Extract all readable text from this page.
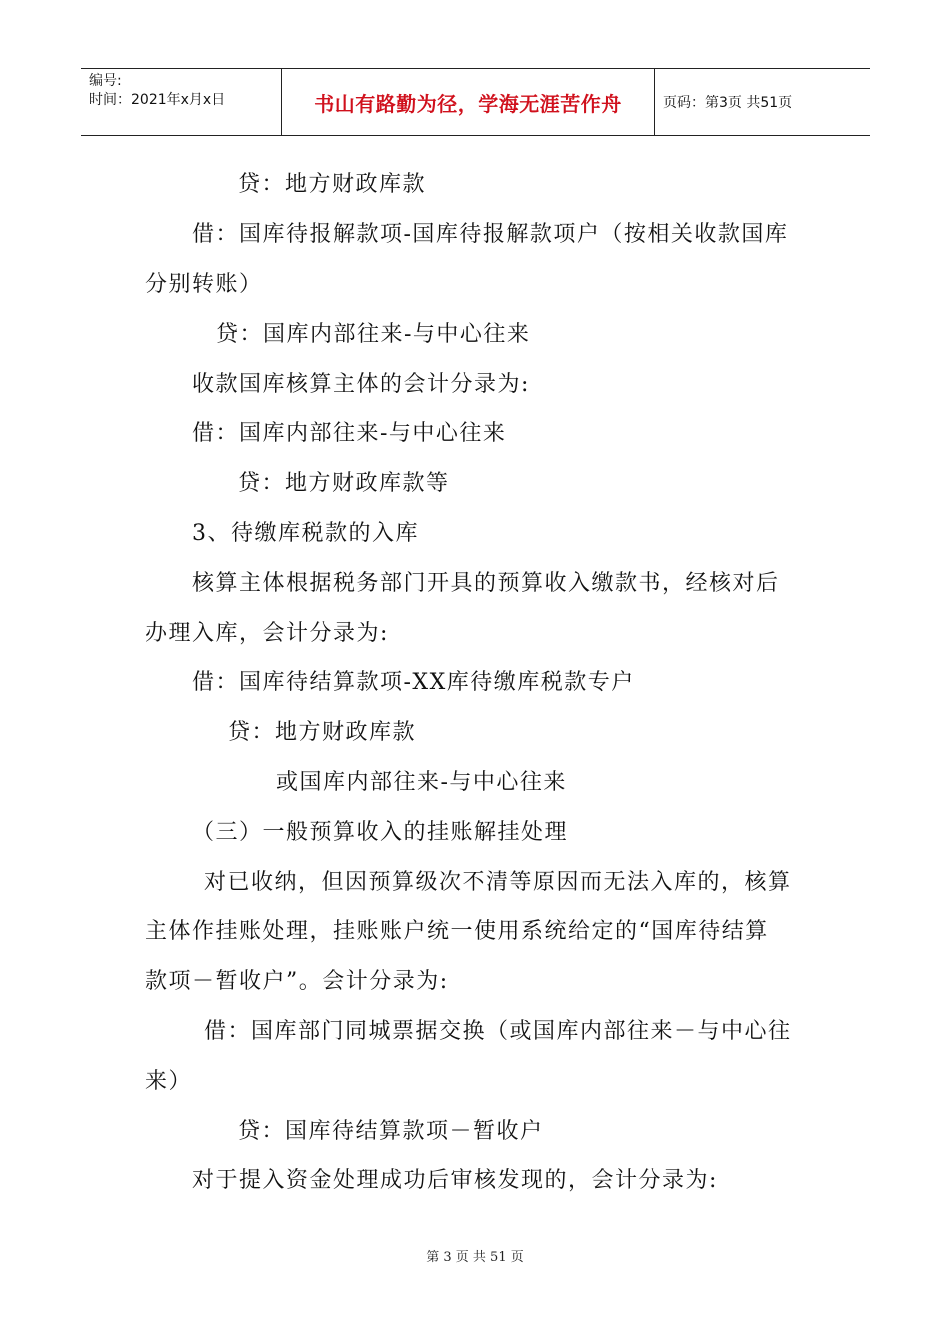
编号:
时间：2021年x月x日	书山有路勤为径，学海无涯苦作舟	页码：第3页 共51页
贷：地方财政库款
借：国库待报解款项-国库待报解款项户（按相关收款国库
分别转账）
贷：国库内部往来-与中心往来
收款国库核算主体的会计分录为:
借：国库内部往来-与中心往来
贷：地方财政库款等
3、待缴库税款的入库
核算主体根据税务部门开具的预算收入缴款书，经核对后
办理入库，会计分录为:
借：国库待结算款项-XX库待缴库税款专户
贷：地方财政库款
或国库内部往来-与中心往来
（三）一般预算收入的挂账解挂处理
对已收纳，但因预算级次不清等原因而无法入库的，核算
主体作挂账处理，挂账账户统一使用系统给定的“国库待结算
款项－暂收户”。会计分录为:
借：国库部门同城票据交换（或国库内部往来－与中心往
来）
贷：国库待结算款项－暂收户
对于提入资金处理成功后审核发现的，会计分录为:
第 3 页 共 51 页
